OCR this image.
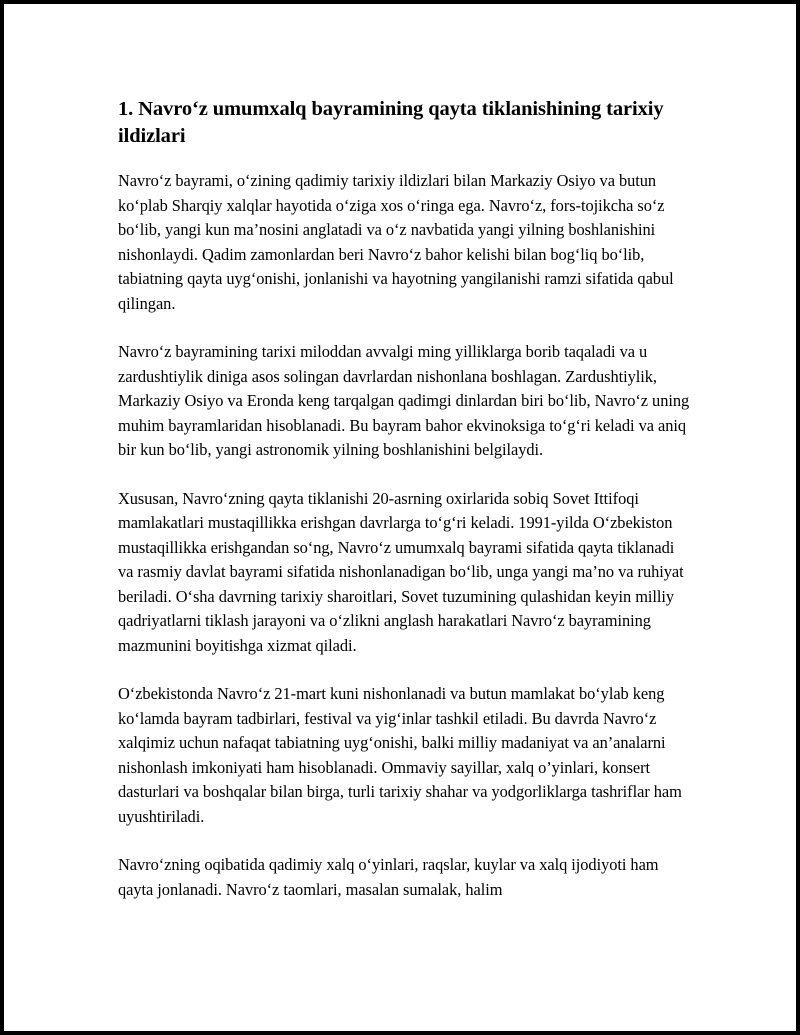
1. Navro‘z umumxalq bayramining qayta tiklanishining tarixiy ildizlari

Navro‘z bayrami, o‘zining qadimiy tarixiy ildizlari bilan Markaziy Osiyo va butun ko‘plab Sharqiy xalqlar hayotida o‘ziga xos o‘ringa ega. Navro‘z, fors-tojikcha so‘z bo‘lib, yangi kun ma’nosini anglatadi va o‘z navbatida yangi yilning boshlanishini nishonlaydi. Qadim zamonlardan beri Navro‘z bahor kelishi bilan bog‘liq bo‘lib, tabiatning qayta uyg‘onishi, jonlanishi va hayotning yangilanishi ramzi sifatida qabul qilingan.

Navro‘z bayramining tarixi miloddan avvalgi ming yilliklarga borib taqaladi va u zardushtiylik diniga asos solingan davrlardan nishonlana boshlagan. Zardushtiylik, Markaziy Osiyo va Eronda keng tarqalgan qadimgi dinlardan biri bo‘lib, Navro‘z uning muhim bayramlaridan hisoblanadi. Bu bayram bahor ekvinoksiga to‘g‘ri keladi va aniq bir kun bo‘lib, yangi astronomik yilning boshlanishini belgilaydi.

Xususan, Navro‘zning qayta tiklanishi 20-asrning oxirlarida sobiq Sovet Ittifoqi mamlakatlari mustaqillikka erishgan davrlarga to‘g‘ri keladi. 1991-yilda O‘zbekiston mustaqillikka erishgandan so‘ng, Navro‘z umumxalq bayrami sifatida qayta tiklanadi va rasmiy davlat bayrami sifatida nishonlanadigan bo‘lib, unga yangi ma’no va ruhiyat beriladi. O‘sha davrning tarixiy sharoitlari, Sovet tuzumining qulashidan keyin milliy qadriyatlarni tiklash jarayoni va o‘zlikni anglash harakatlari Navro‘z bayramining mazmunini boyitishga xizmat qiladi.

O‘zbekistonda Navro‘z 21-mart kuni nishonlanadi va butun mamlakat bo‘ylab keng ko‘lamda bayram tadbirlari, festival va yig‘inlar tashkil etiladi. Bu davrda Navro‘z xalqimiz uchun nafaqat tabiatning uyg‘onishi, balki milliy madaniyat va an’analarni nishonlash imkoniyati ham hisoblanadi. Ommaviy sayillar, xalq o’yinlari, konsert dasturlari va boshqalar bilan birga, turli tarixiy shahar va yodgorliklarga tashriflar ham uyushtiriladi.

Navro‘zning oqibatida qadimiy xalq o‘yinlari, raqslar, kuylar va xalq ijodiyoti ham qayta jonlanadi. Navro‘z taomlari, masalan sumalak, halim
